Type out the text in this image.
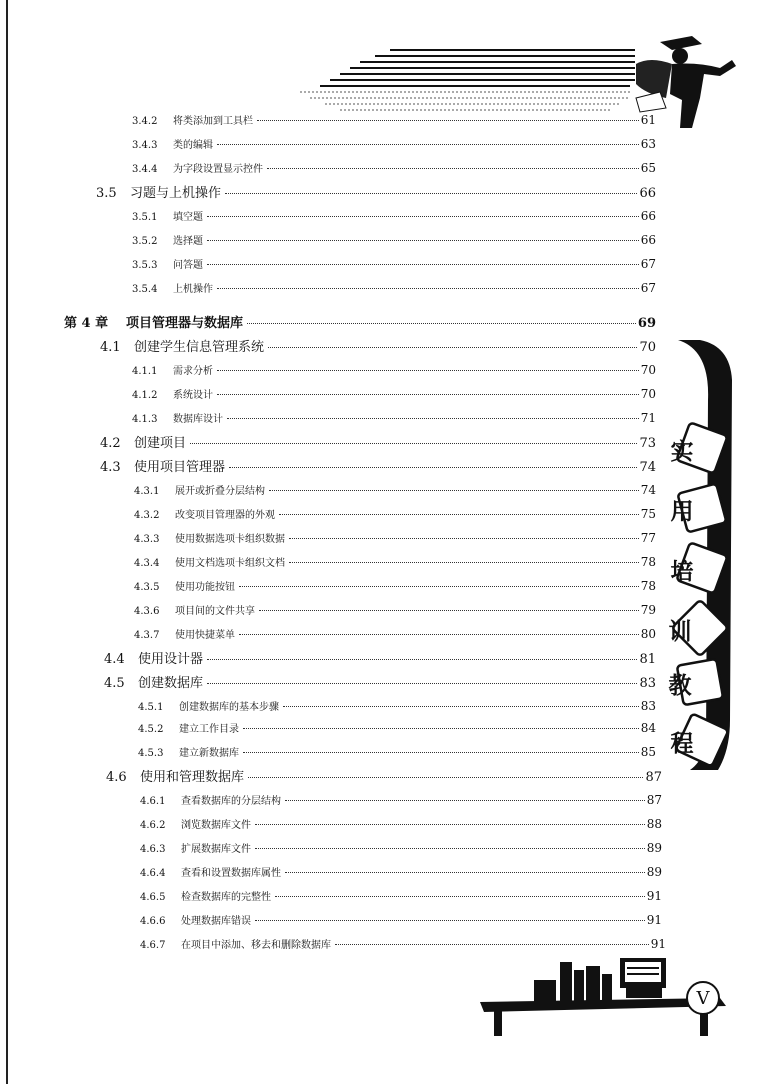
3.4.2	将类添加到工具栏	61
3.4.3	类的编辑	63
3.4.4	为字段设置显示控件	65
3.5	习题与上机操作	66
3.5.1	填空题	66
3.5.2	选择题	66
3.5.3	问答题	67
3.5.4	上机操作	67
第 4 章	项目管理器与数据库	69
4.1	创建学生信息管理系统	70
4.1.1	需求分析	70
4.1.2	系统设计	70
4.1.3	数据库设计	71
4.2	创建项目	73
4.3	使用项目管理器	74
4.3.1	展开或折叠分层结构	74
4.3.2	改变项目管理器的外观	75
4.3.3	使用数据选项卡组织数据	77
4.3.4	使用文档选项卡组织文档	78
4.3.5	使用功能按钮	78
4.3.6	项目间的文件共享	79
4.3.7	使用快捷菜单	80
4.4	使用设计器	81
4.5	创建数据库	83
4.5.1	创建数据库的基本步骤	83
4.5.2	建立工作目录	84
4.5.3	建立新数据库	85
4.6	使用和管理数据库	87
4.6.1	查看数据库的分层结构	87
4.6.2	浏览数据库文件	88
4.6.3	扩展数据库文件	89
4.6.4	查看和设置数据库属性	89
4.6.5	检查数据库的完整性	91
4.6.6	处理数据库错误	91
4.6.7	在项目中添加、移去和删除数据库	91
实
用
培
训
教
程
V
